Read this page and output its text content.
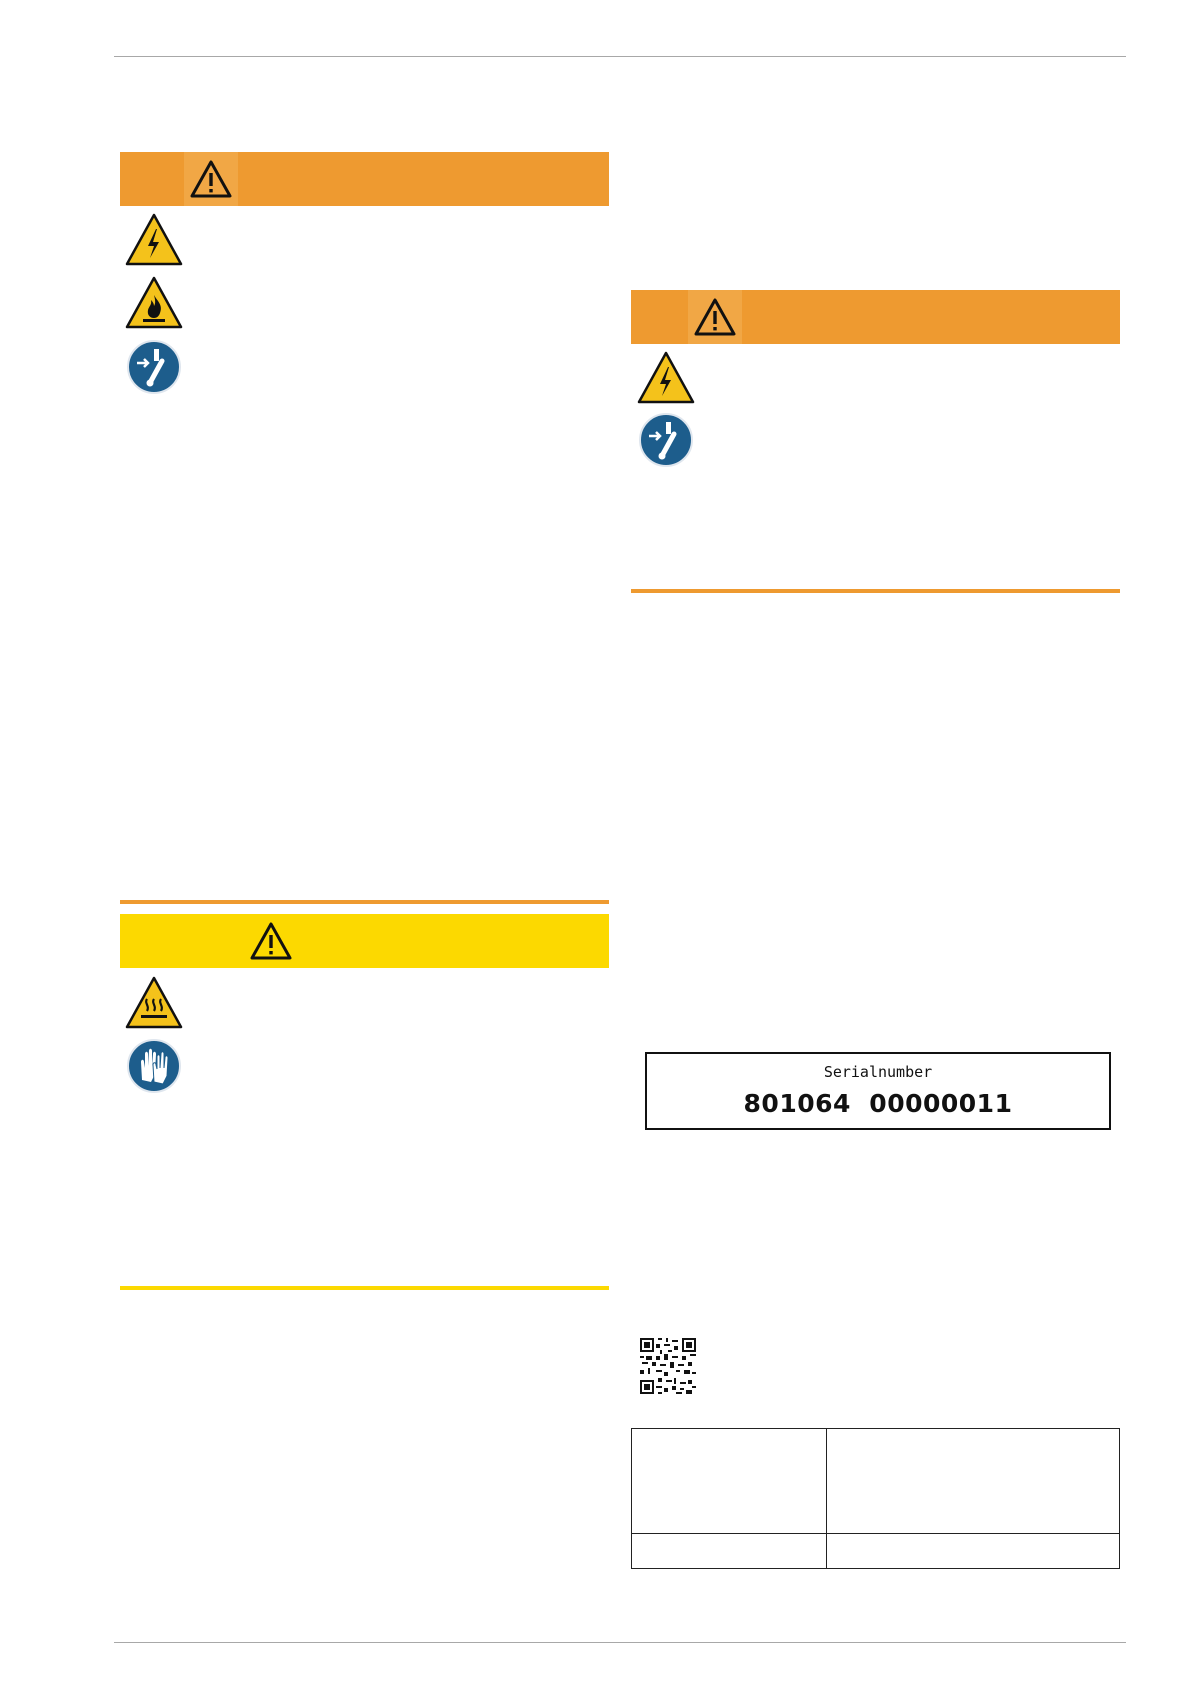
Serialnumber
801064  00000011
